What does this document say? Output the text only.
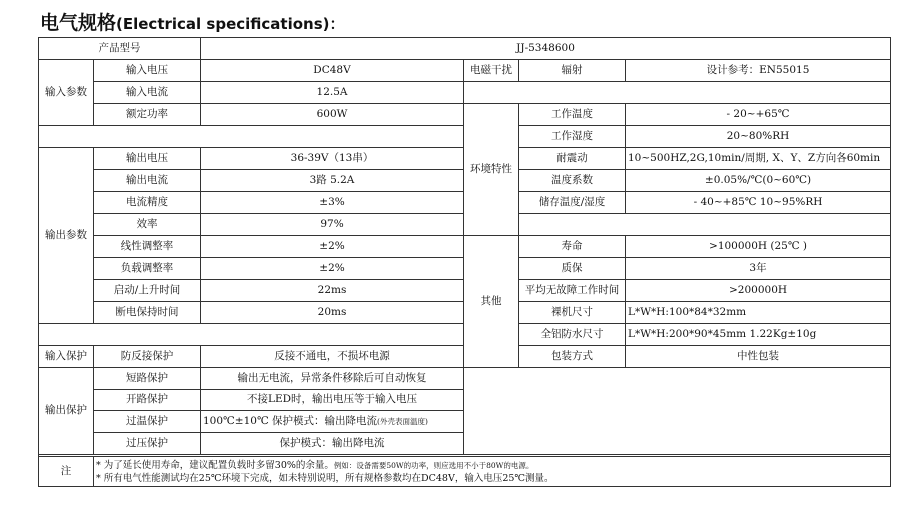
电气规格(Electrical specifications)：
产品型号		JJ-5348600			
输入参数	输入电压	DC48V	电磁干扰	辐射	设计参考：EN55015
	输入电流	12.5A			
	额定功率	600W	环境特性	工作温度	- 20~+65℃
				工作湿度	20~80%RH
输出参数	输出电压	36-39V（13串）		耐震动	10~500HZ,2G,10min/周期, X、Y、Z方向各60min
	输出电流	3路 5.2A		温度系数	±0.05%/℃(0~60℃)
	电流精度	±3%		储存温度/湿度	- 40~+85℃ 10~95%RH
	效率	97%			
	线性调整率	±2%	其他	寿命	>100000H (25℃ )
	负载调整率	±2%		质保	3年
	启动/上升时间	22ms		平均无故障工作时间	>200000H
	断电保持时间	20ms		裸机尺寸	L*W*H:100*84*32mm
				全铝防水尺寸	L*W*H:200*90*45mm 1.22Kg±10g
输入保护	防反接保护	反接不通电，不损坏电源		包装方式	中性包装
输出保护	短路保护	输出无电流，异常条件移除后可自动恢复			
	开路保护	不接LED时，输出电压等于输入电压			
	过温保护	100℃±10℃ 保护模式：输出降电流(外壳表面温度)			
	过压保护	保护模式：输出降电流			

注	* 为了延长使用寿命，建议配置负载时多留30%的余量。例如：设备需要50W的功率，则应选用不小于80W的电源。
* 所有电气性能测试均在25℃环境下完成，如未特别说明，所有规格参数均在DC48V，输入电压25℃测量。				
